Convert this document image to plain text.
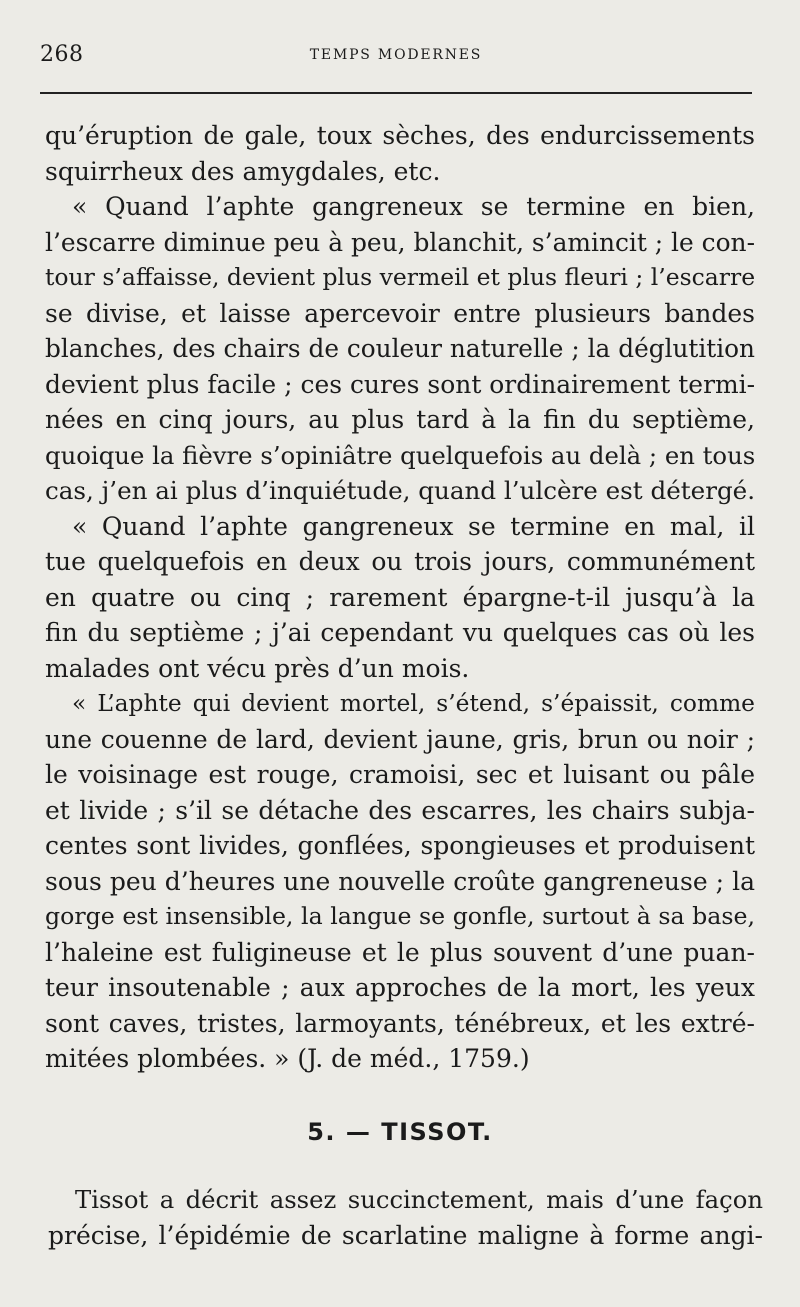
268	TEMPS MODERNES
qu’éruption de gale, toux sèches, des endurcissements
squirrheux des amygdales, etc.
« Quand l’aphte gangreneux se termine en bien,
l’escarre diminue peu à peu, blanchit, s’amincit ; le con-
tour s’affaisse, devient plus vermeil et plus fleuri ; l’escarre
se divise, et laisse apercevoir entre plusieurs bandes
blanches, des chairs de couleur naturelle ; la déglutition
devient plus facile ; ces cures sont ordinairement termi-
nées en cinq jours, au plus tard à la fin du septième,
quoique la fièvre s’opiniâtre quelquefois au delà ; en tous
cas, j’en ai plus d’inquiétude, quand l’ulcère est détergé.
« Quand l’aphte gangreneux se termine en mal, il
tue quelquefois en deux ou trois jours, communément
en quatre ou cinq ; rarement épargne-t-il jusqu’à la
fin du septième ; j’ai cependant vu quelques cas où les
malades ont vécu près d’un mois.
« L’aphte qui devient mortel, s’étend, s’épaissit, comme
une couenne de lard, devient jaune, gris, brun ou noir ;
le voisinage est rouge, cramoisi, sec et luisant ou pâle
et livide ; s’il se détache des escarres, les chairs subja-
centes sont livides, gonflées, spongieuses et produisent
sous peu d’heures une nouvelle croûte gangreneuse ; la
gorge est insensible, la langue se gonfle, surtout à sa base,
l’haleine est fuligineuse et le plus souvent d’une puan-
teur insoutenable ; aux approches de la mort, les yeux
sont caves, tristes, larmoyants, ténébreux, et les extré-
mitées plombées. » (J. de méd., 1759.)
5. — TISSOT.
Tissot a décrit assez succinctement, mais d’une façon
précise, l’épidémie de scarlatine maligne à forme angi-
